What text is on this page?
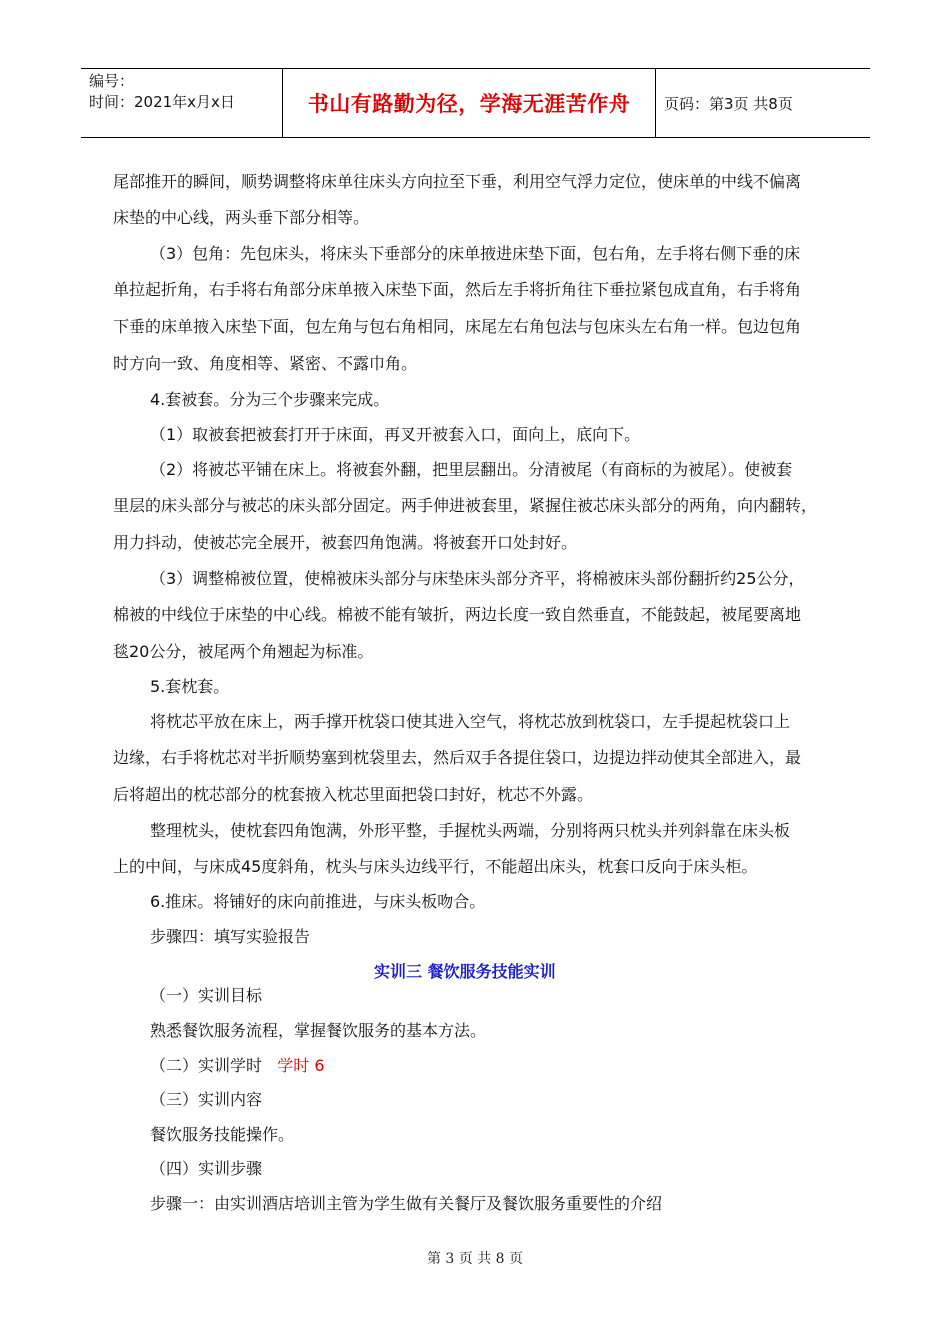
编号：
时间：2021年x月x日	书山有路勤为径，学海无涯苦作舟	页码：第3页 共8页
尾部推开的瞬间，顺势调整将床单往床头方向拉至下垂，利用空气浮力定位，使床单的中线不偏离
床垫的中心线，两头垂下部分相等。
（3）包角：先包床头，将床头下垂部分的床单掖进床垫下面，包右角，左手将右侧下垂的床
单拉起折角，右手将右角部分床单掖入床垫下面，然后左手将折角往下垂拉紧包成直角，右手将角
下垂的床单掖入床垫下面，包左角与包右角相同，床尾左右角包法与包床头左右角一样。包边包角
时方向一致、角度相等、紧密、不露巾角。
4.套被套。分为三个步骤来完成。
（1）取被套把被套打开于床面，再叉开被套入口，面向上，底向下。
（2）将被芯平铺在床上。将被套外翻，把里层翻出。分清被尾（有商标的为被尾）。使被套
里层的床头部分与被芯的床头部分固定。两手伸进被套里，紧握住被芯床头部分的两角，向内翻转，
用力抖动，使被芯完全展开，被套四角饱满。将被套开口处封好。
（3）调整棉被位置，使棉被床头部分与床垫床头部分齐平，将棉被床头部份翻折约25公分，
棉被的中线位于床垫的中心线。棉被不能有皱折，两边长度一致自然垂直，不能鼓起，被尾要离地
毯20公分，被尾两个角翘起为标准。
5.套枕套。
将枕芯平放在床上，两手撑开枕袋口使其进入空气，将枕芯放到枕袋口，左手提起枕袋口上
边缘，右手将枕芯对半折顺势塞到枕袋里去，然后双手各提住袋口，边提边拌动使其全部进入，最
后将超出的枕芯部分的枕套掖入枕芯里面把袋口封好，枕芯不外露。
整理枕头，使枕套四角饱满，外形平整，手握枕头两端，分别将两只枕头并列斜靠在床头板
上的中间，与床成45度斜角，枕头与床头边线平行，不能超出床头，枕套口反向于床头柜。
6.推床。将铺好的床向前推进，与床头板吻合。
步骤四：填写实验报告
实训三 餐饮服务技能实训
（一）实训目标
熟悉餐饮服务流程，掌握餐饮服务的基本方法。
（二）实训学时 学时 6
（三）实训内容
餐饮服务技能操作。
（四）实训步骤
步骤一：由实训酒店培训主管为学生做有关餐厅及餐饮服务重要性的介绍
第 3 页 共 8 页
